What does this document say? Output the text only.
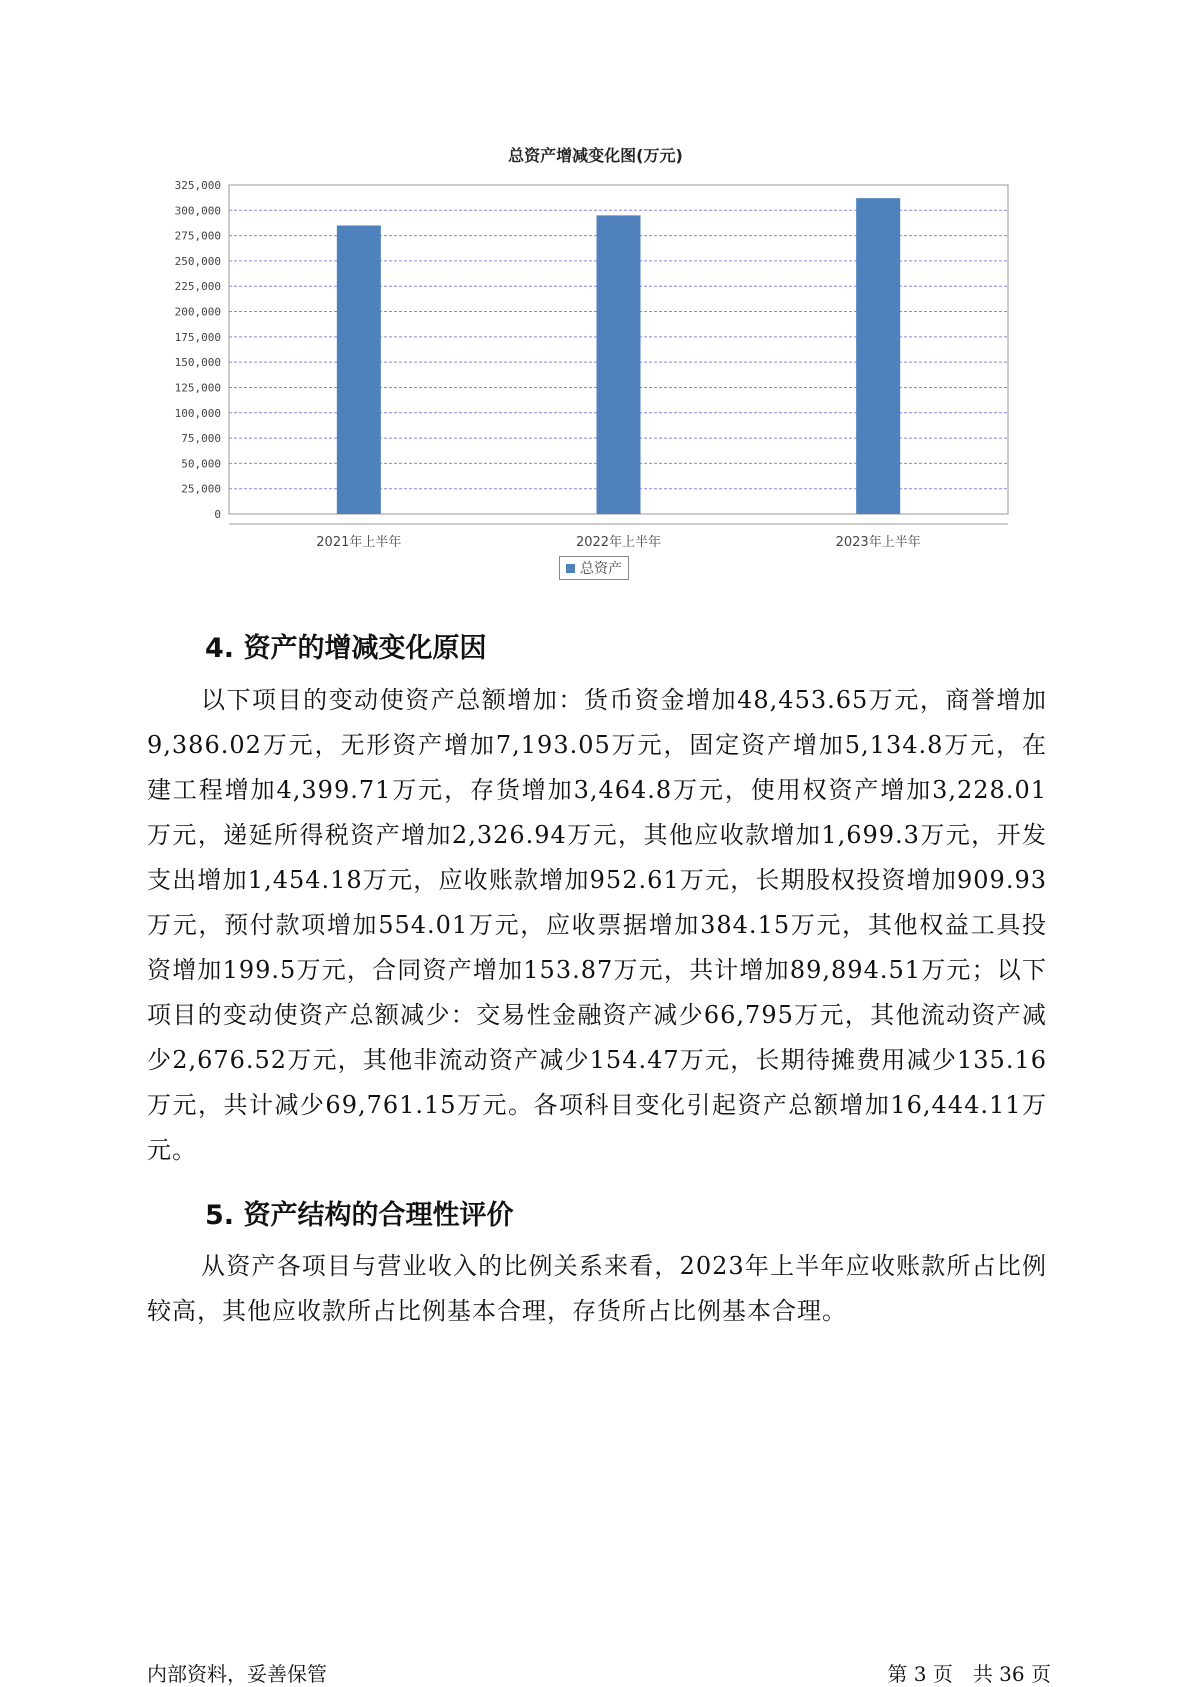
总资产增减变化图(万元)
0
25,000
50,000
75,000
100,000
125,000
150,000
175,000
200,000
225,000
250,000
275,000
300,000
325,000
2021年上半年	2022年上半年	2023年上半年
总资产
4. 资产的增减变化原因

以下项目的变动使资产总额增加：货币资金增加48,453.65万元，商誉增加9,386.02万元，无形资产增加7,193.05万元，固定资产增加5,134.8万元，在建工程增加4,399.71万元，存货增加3,464.8万元，使用权资产增加3,228.01万元，递延所得税资产增加2,326.94万元，其他应收款增加1,699.3万元，开发支出增加1,454.18万元，应收账款增加952.61万元，长期股权投资增加909.93万元，预付款项增加554.01万元，应收票据增加384.15万元，其他权益工具投资增加199.5万元，合同资产增加153.87万元，共计增加89,894.51万元；以下项目的变动使资产总额减少：交易性金融资产减少66,795万元，其他流动资产减少2,676.52万元，其他非流动资产减少154.47万元，长期待摊费用减少135.16万元，共计减少69,761.15万元。各项科目变化引起资产总额增加16,444.11万元。

5. 资产结构的合理性评价

从资产各项目与营业收入的比例关系来看，2023年上半年应收账款所占比例较高，其他应收款所占比例基本合理，存货所占比例基本合理。

内部资料，妥善保管	第 3 页　共 36 页
